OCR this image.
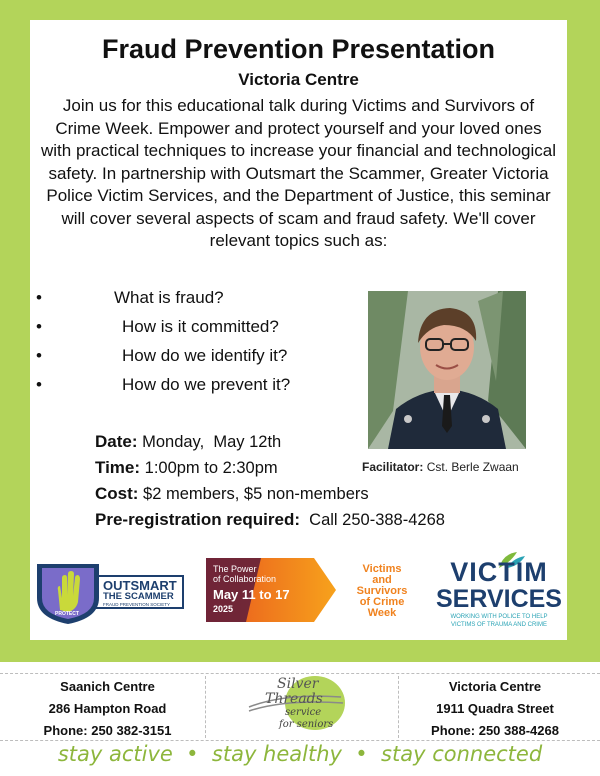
Fraud Prevention Presentation
Victoria Centre
Join us for this educational talk during Victims and Survivors of Crime Week. Empower and protect yourself and your loved ones with practical techniques to increase your financial and technological safety. In partnership with Outsmart the Scammer, Greater Victoria Police Victim Services, and the Department of Justice, this seminar will cover several aspects of scam and fraud safety. We'll cover relevant topics such as:
•	What is fraud?
•	How is it committed?
•	How do we identify it?
•	How do we prevent it?
Facilitator: Cst. Berle Zwaan
Date: Monday,  May 12th
Time: 1:00pm to 2:30pm
Cost: $2 members, $5 non-members
Pre-registration required: Call 250-388-4268
OUTSMART
THE SCAMMER
FRAUD PREVENTION SOCIETY
PROTECT
The Power
of Collaboration
May 11 to 17
2025
Victims
and
Survivors
of Crime
Week
VICTIM
SERVICES
WORKING WITH POLICE TO HELP
VICTIMS OF TRAUMA AND CRIME
Saanich Centre
286 Hampton Road
Phone: 250 382-3151
Victoria Centre
1911 Quadra Street
Phone: 250 388-4268
Silver
Threads
service
for seniors
stay active  •  stay healthy  •  stay connected
